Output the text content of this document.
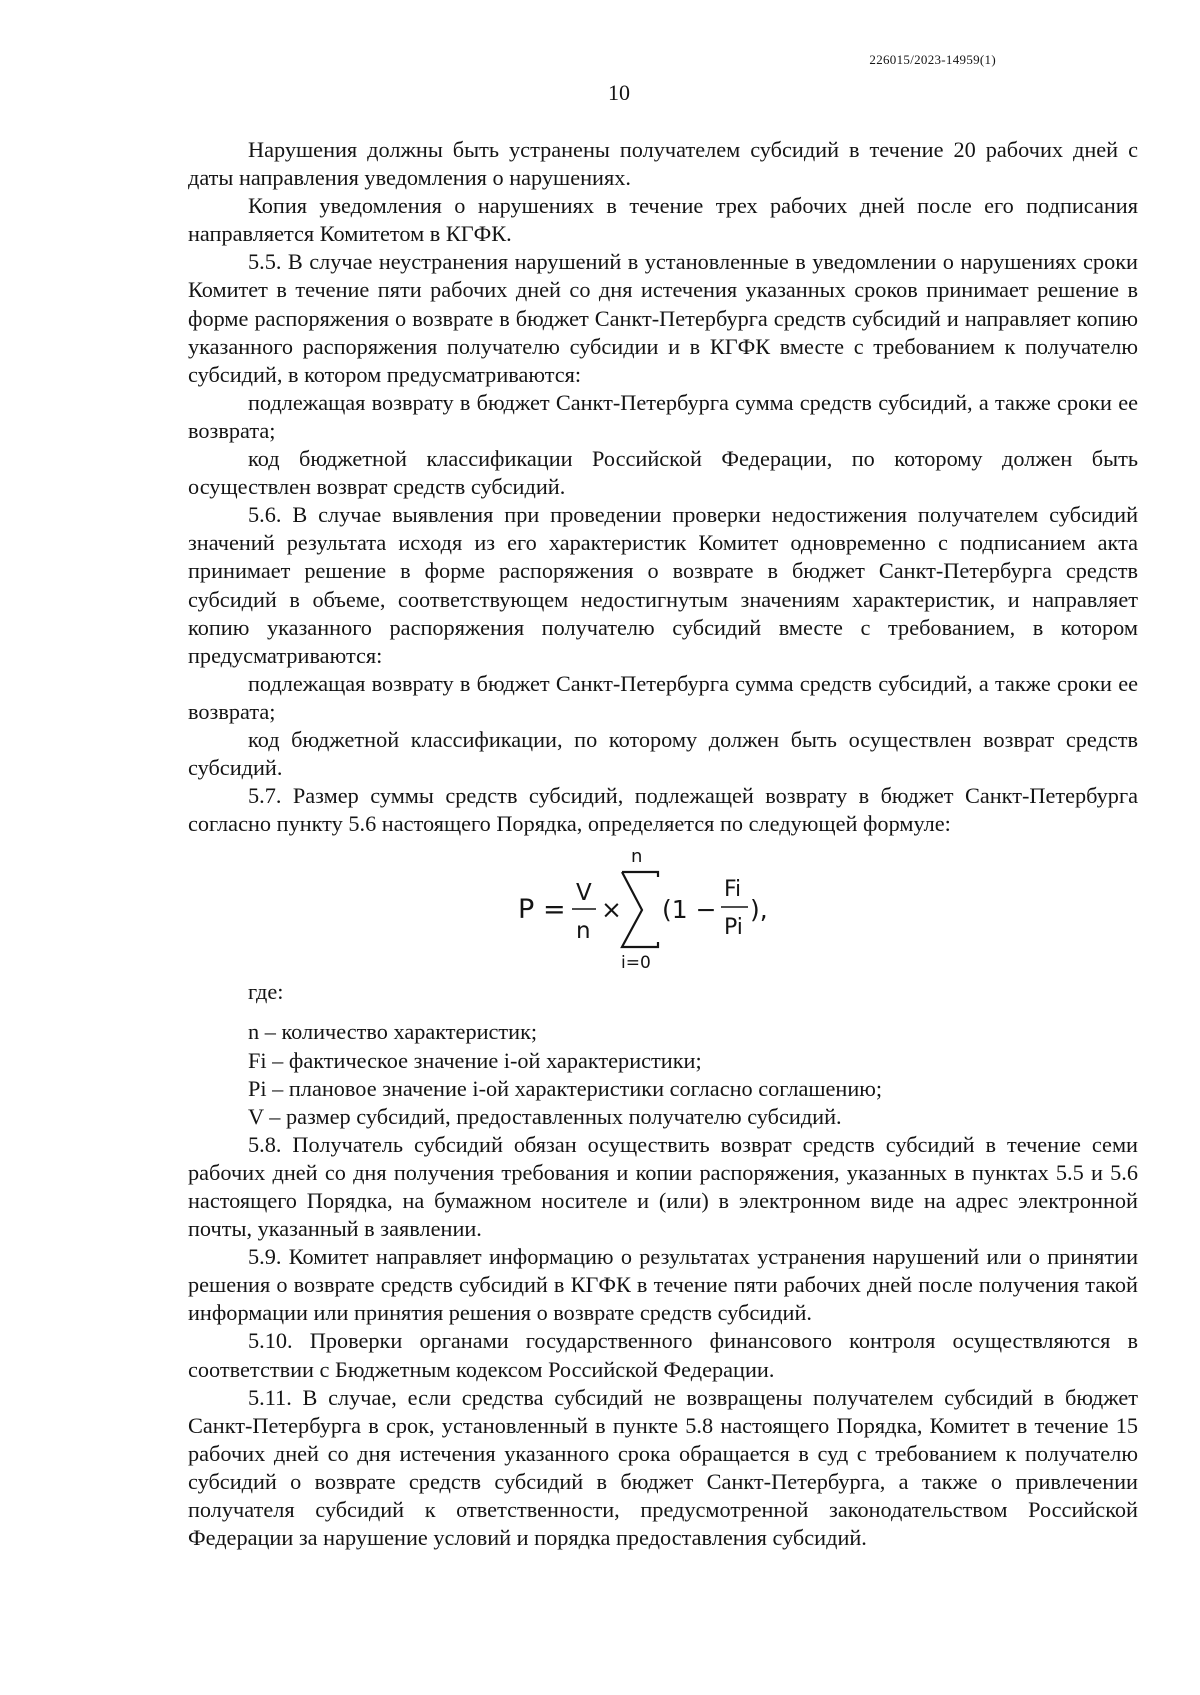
226015/2023-14959(1)
10

Нарушения должны быть устранены получателем субсидий в течение 20 рабочих дней с даты направления уведомления о нарушениях.

Копия уведомления о нарушениях в течение трех рабочих дней после его подписания направляется Комитетом в КГФК.

5.5. В случае неустранения нарушений в установленные в уведомлении о нарушениях сроки Комитет в течение пяти рабочих дней со дня истечения указанных сроков принимает решение в форме распоряжения о возврате в бюджет Санкт-Петербурга средств субсидий и направляет копию указанного распоряжения получателю субсидии и в КГФК вместе с требованием к получателю субсидий, в котором предусматриваются:

подлежащая возврату в бюджет Санкт-Петербурга сумма средств субсидий, а также сроки ее возврата;

код бюджетной классификации Российской Федерации, по которому должен быть осуществлен возврат средств субсидий.

5.6. В случае выявления при проведении проверки недостижения получателем субсидий значений результата исходя из его характеристик Комитет одновременно с подписанием акта принимает решение в форме распоряжения о возврате в бюджет Санкт-Петербурга средств субсидий в объеме, соответствующем недостигнутым значениям характеристик, и направляет копию указанного распоряжения получателю субсидий вместе с требованием, в котором предусматриваются:

подлежащая возврату в бюджет Санкт-Петербурга сумма средств субсидий, а также сроки ее возврата;

код бюджетной классификации, по которому должен быть осуществлен возврат средств субсидий.

5.7. Размер суммы средств субсидий, подлежащей возврату в бюджет Санкт-Петербурга согласно пункту 5.6 настоящего Порядка, определяется по следующей формуле:

P =
V
n
×
n
i=0
(1 −
Fi
Pi
),

где:

n – количество характеристик;

Fi – фактическое значение i-ой характеристики;

Pi – плановое значение i-ой характеристики согласно соглашению;

V – размер субсидий, предоставленных получателю субсидий.

5.8. Получатель субсидий обязан осуществить возврат средств субсидий в течение семи рабочих дней со дня получения требования и копии распоряжения, указанных в пунктах 5.5 и 5.6 настоящего Порядка, на бумажном носителе и (или) в электронном виде на адрес электронной почты, указанный в заявлении.

5.9. Комитет направляет информацию о результатах устранения нарушений или о принятии решения о возврате средств субсидий в КГФК в течение пяти рабочих дней после получения такой информации или принятия решения о возврате средств субсидий.

5.10. Проверки органами государственного финансового контроля осуществляются в соответствии с Бюджетным кодексом Российской Федерации.

5.11. В случае, если средства субсидий не возвращены получателем субсидий в бюджет Санкт-Петербурга в срок, установленный в пункте 5.8 настоящего Порядка, Комитет в течение 15 рабочих дней со дня истечения указанного срока обращается в суд с требованием к получателю субсидий о возврате средств субсидий в бюджет Санкт-Петербурга, а также о привлечении получателя субсидий к ответственности, предусмотренной законодательством Российской Федерации за нарушение условий и порядка предоставления субсидий.
